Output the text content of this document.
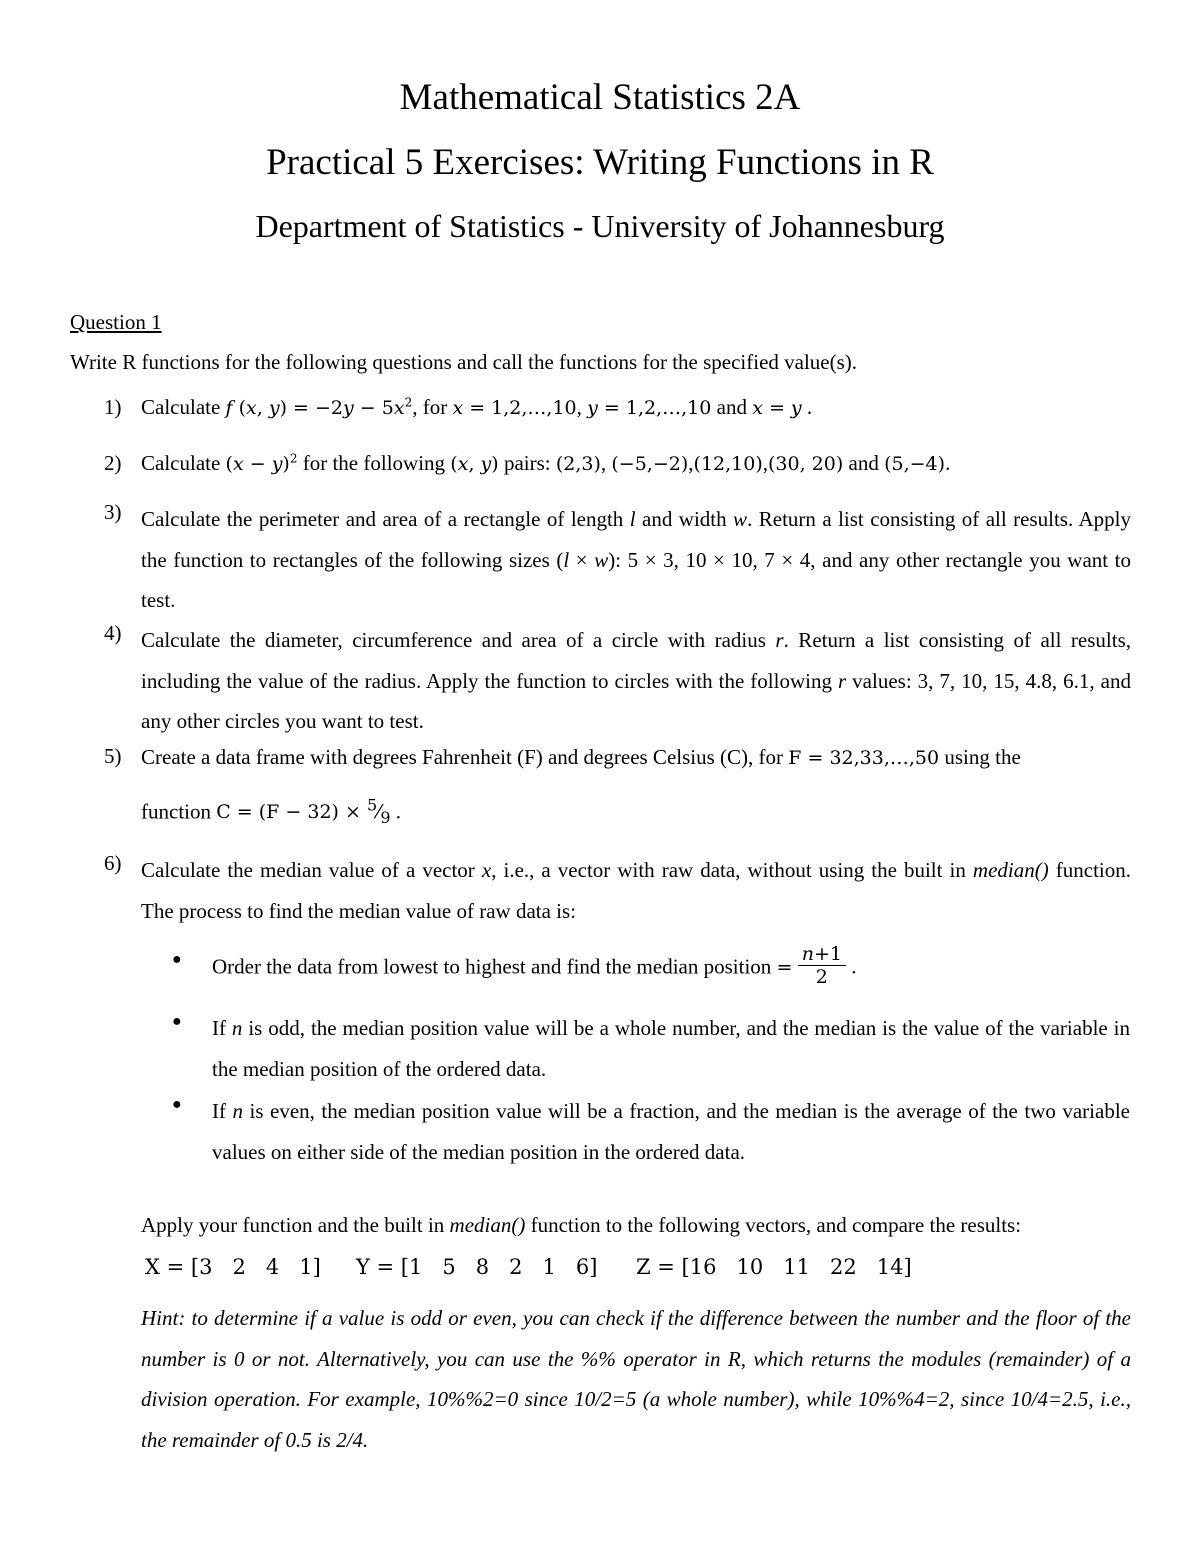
Mathematical Statistics 2A
Practical 5 Exercises: Writing Functions in R
Department of Statistics - University of Johannesburg
Question 1
Write R functions for the following questions and call the functions for the specified value(s).
1) Calculate f (x, $y) = -2y - 5x^2$, for x = 1,2,…,10, y = 1,2,…,10 and x = y .
2) Calculate $(x - y)^2$ for the following (x, y) pairs: (2,3), (−5,−2),(12,10),(30, 20) and (5,−4).
3) Calculate the perimeter and area of a rectangle of length l and width w. Return a list consisting of all results. Apply the function to rectangles of the following sizes (l × w): 5 × 3, 10 × 10, 7 × 4, and any other rectangle you want to test.
4) Calculate the diameter, circumference and area of a circle with radius r. Return a list consisting of all results, including the value of the radius. Apply the function to circles with the following r values: 3, 7, 10, 15, 4.8, 6.1, and any other circles you want to test.
5) Create a data frame with degrees Fahrenheit (F) and degrees Celsius (C), for F = 32,33,…,50 using the
function $C = (F - 32) \times ^5⁄_9$ .
6) Calculate the median value of a vector x, i.e., a vector with raw data, without using the built in median() function. The process to find the median value of raw data is:
● Order the data from lowest to highest and find the median position = $\frac{n+1}{2}$ .
● If n is odd, the median position value will be a whole number, and the median is the value of the variable in the median position of the ordered data.
● If n is even, the median position value will be a fraction, and the median is the average of the two variable values on either side of the median position in the ordered data.
Apply your function and the built in median() function to the following vectors, and compare the results:
X = [3   2   4   1] Y = [1   5   8   2   1   6] Z = [16   10   11   22   14]
Hint: to determine if a value is odd or even, you can check if the difference between the number and the floor of the number is 0 or not. Alternatively, you can use the %% operator in R, which returns the modules (remainder) of a division operation. For example, 10%%2=0 since 10/2=5 (a whole number), while 10%%4=2, since 10/4=2.5, i.e., the remainder of 0.5 is 2/4.
